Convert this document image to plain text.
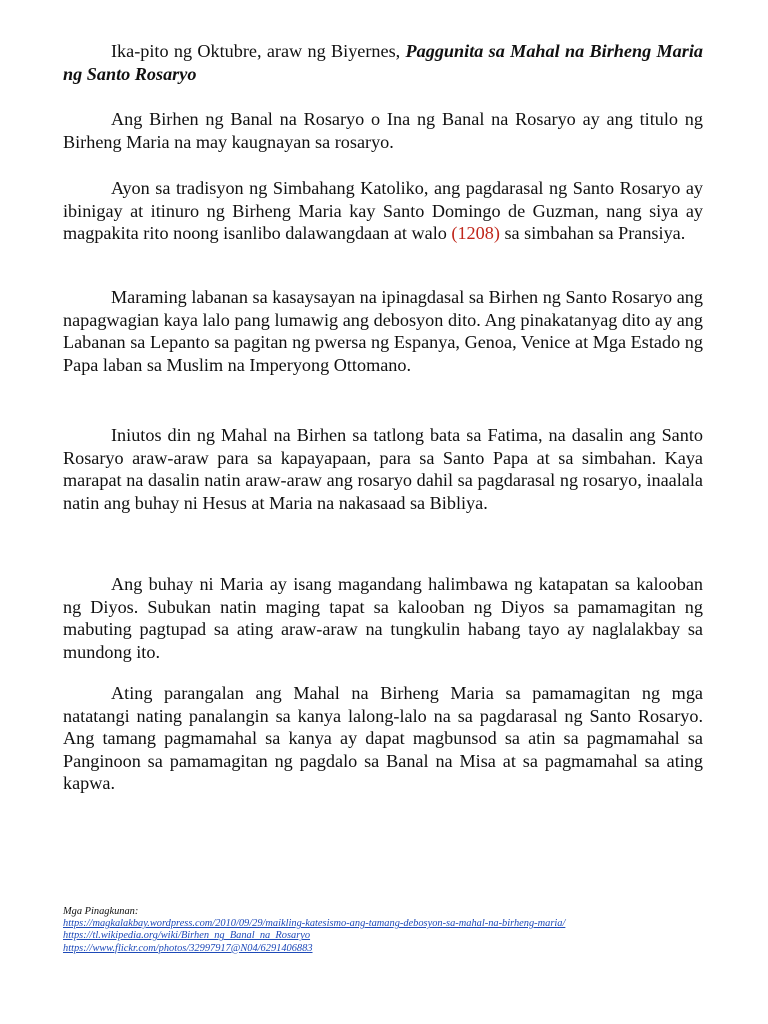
Ika-pito ng Oktubre, araw ng Biyernes, Paggunita sa Mahal na Birheng Maria ng Santo Rosaryo

Ang Birhen ng Banal na Rosaryo o Ina ng Banal na Rosaryo ay ang titulo ng Birheng Maria na may kaugnayan sa rosaryo.

Ayon sa tradisyon ng Simbahang Katoliko, ang pagdarasal ng Santo Rosaryo ay ibinigay at itinuro ng Birheng Maria kay Santo Domingo de Guzman, nang siya ay magpakita rito noong isanlibo dalawangdaan at walo (1208) sa simbahan sa Pransiya.

Maraming labanan sa kasaysayan na ipinagdasal sa Birhen ng Santo Rosaryo ang napagwagian kaya lalo pang lumawig ang debosyon dito. Ang pinakatanyag dito ay ang Labanan sa Lepanto sa pagitan ng pwersa ng Espanya, Genoa, Venice at Mga Estado ng Papa laban sa Muslim na Imperyong Ottomano.

Iniutos din ng Mahal na Birhen sa tatlong bata sa Fatima, na dasalin ang Santo Rosaryo araw-araw para sa kapayapaan, para sa Santo Papa at sa simbahan. Kaya marapat na dasalin natin araw-araw ang rosaryo dahil sa pagdarasal ng rosaryo, inaalala natin ang buhay ni Hesus at Maria na nakasaad sa Bibliya.

Ang buhay ni Maria ay isang magandang halimbawa ng katapatan sa kalooban ng Diyos. Subukan natin maging tapat sa kalooban ng Diyos sa pamamagitan ng mabuting pagtupad sa ating araw-araw na tungkulin habang tayo ay naglalakbay sa mundong ito.

Ating parangalan ang Mahal na Birheng Maria sa pamamagitan ng mga natatangi nating panalangin sa kanya lalong-lalo na sa pagdarasal ng Santo Rosaryo. Ang tamang pagmamahal sa kanya ay dapat magbunsod sa atin sa pagmamahal sa Panginoon sa pamamagitan ng pagdalo sa Banal na Misa at sa pagmamahal sa ating kapwa.

Mga Pinagkunan:
https://magkalakbay.wordpress.com/2010/09/29/maikling-katesismo-ang-tamang-debosyon-sa-mahal-na-birheng-maria/
https://tl.wikipedia.org/wiki/Birhen_ng_Banal_na_Rosaryo
https://www.flickr.com/photos/32997917@N04/6291406883
